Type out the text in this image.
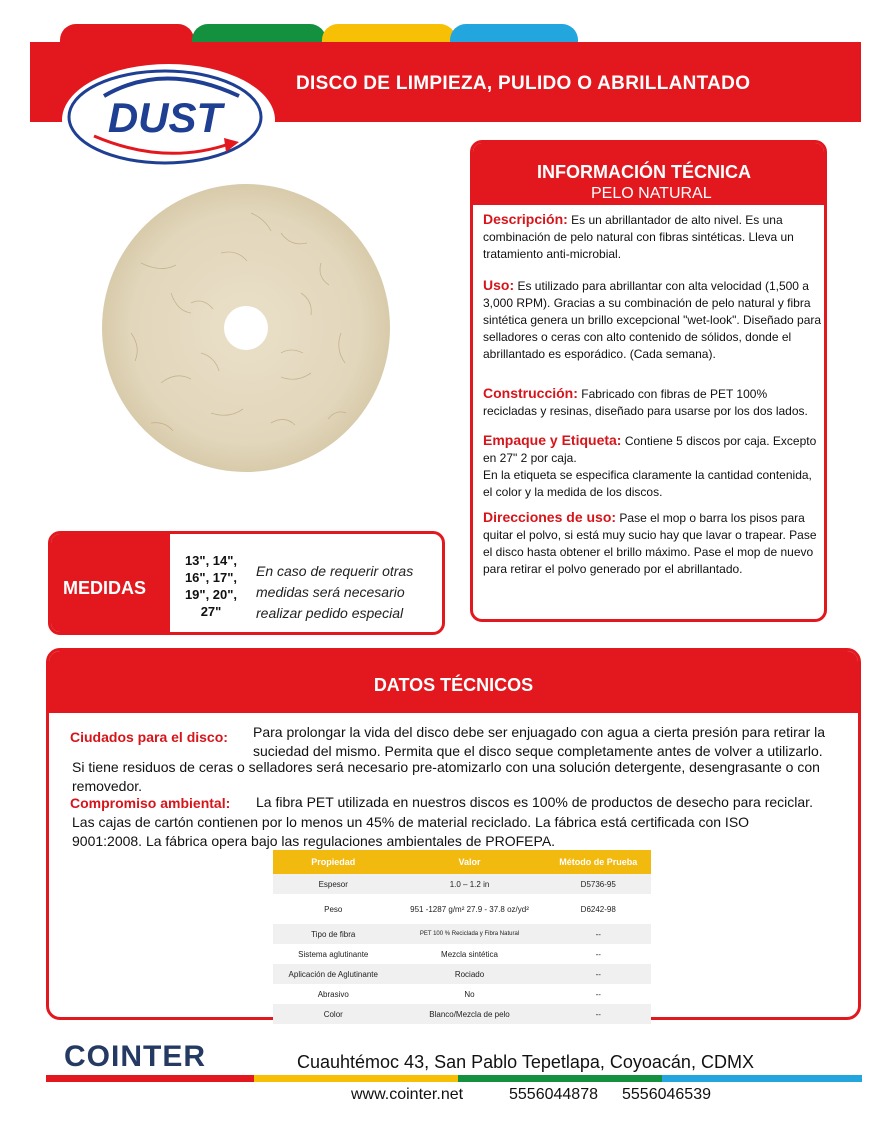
DISCO DE LIMPIEZA, PULIDO O ABRILLANTADO
DUST
INFORMACIÓN TÉCNICA
PELO NATURAL

Descripción: Es un abrillantador de alto nivel. Es una combinación de pelo natural con fibras sintéticas. Lleva un tratamiento anti-microbial.

Uso: Es utilizado para abrillantar con alta velocidad (1,500 a 3,000 RPM). Gracias a su combinación de pelo natural y fibra sintética genera un brillo excepcional "wet-look". Diseñado para selladores o ceras con alto contenido de sólidos, donde el abrillantado es esporádico. (Cada semana).

Construcción: Fabricado con fibras de PET 100% recicladas y resinas, diseñado para usarse por los dos lados.

Empaque y Etiqueta: Contiene 5 discos por caja. Excepto en 27" 2 por caja.

En la etiqueta se especifica claramente la cantidad contenida, el color y la medida de los discos.

Direcciones de uso: Pase el mop o barra los pisos para quitar el polvo, si está muy sucio hay que lavar o trapear. Pase el disco hasta obtener el brillo máximo. Pase el mop de nuevo para retirar el polvo generado por el abrillantado.

MEDIDAS
13", 14",
16", 17",
19", 20",
27"
En caso de requerir otras medidas será necesario realizar pedido especial
DATOS TÉCNICOS
Ciudados para el disco: Para prolongar la vida del disco debe ser enjuagado con agua a cierta presión para retirar la
suciedad del mismo. Permita que el disco seque completamente antes de volver a utilizarlo.
Si tiene residuos de ceras o selladores será necesario pre-atomizarlo con una solución detergente, desengrasante o con
removedor.
Compromiso ambiental: La fibra PET utilizada en nuestros discos es 100% de productos de desecho para reciclar.
Las cajas de cartón contienen por lo menos un 45% de material reciclado. La fábrica está certificada con ISO
9001:2008. La fábrica opera bajo las regulaciones ambientales de PROFEPA.
Propiedad	Valor	Método de Prueba
Espesor	1.0 – 1.2 in	D5736-95
Peso	951 -1287 g/m² 27.9 - 37.8 oz/yd²	D6242-98
Tipo de fibra	PET 100 % Reciclada y Fibra Natural	--
Sistema aglutinante	Mezcla sintética	--
Aplicación de Aglutinante	Rociado	--
Abrasivo	No	--
Color	Blanco/Mezcla de pelo	--
COINTER	Cuauhtémoc 43, San Pablo Tepetlapa, Coyoacán, CDMX
www.cointer.net	5556044878 5556046539
